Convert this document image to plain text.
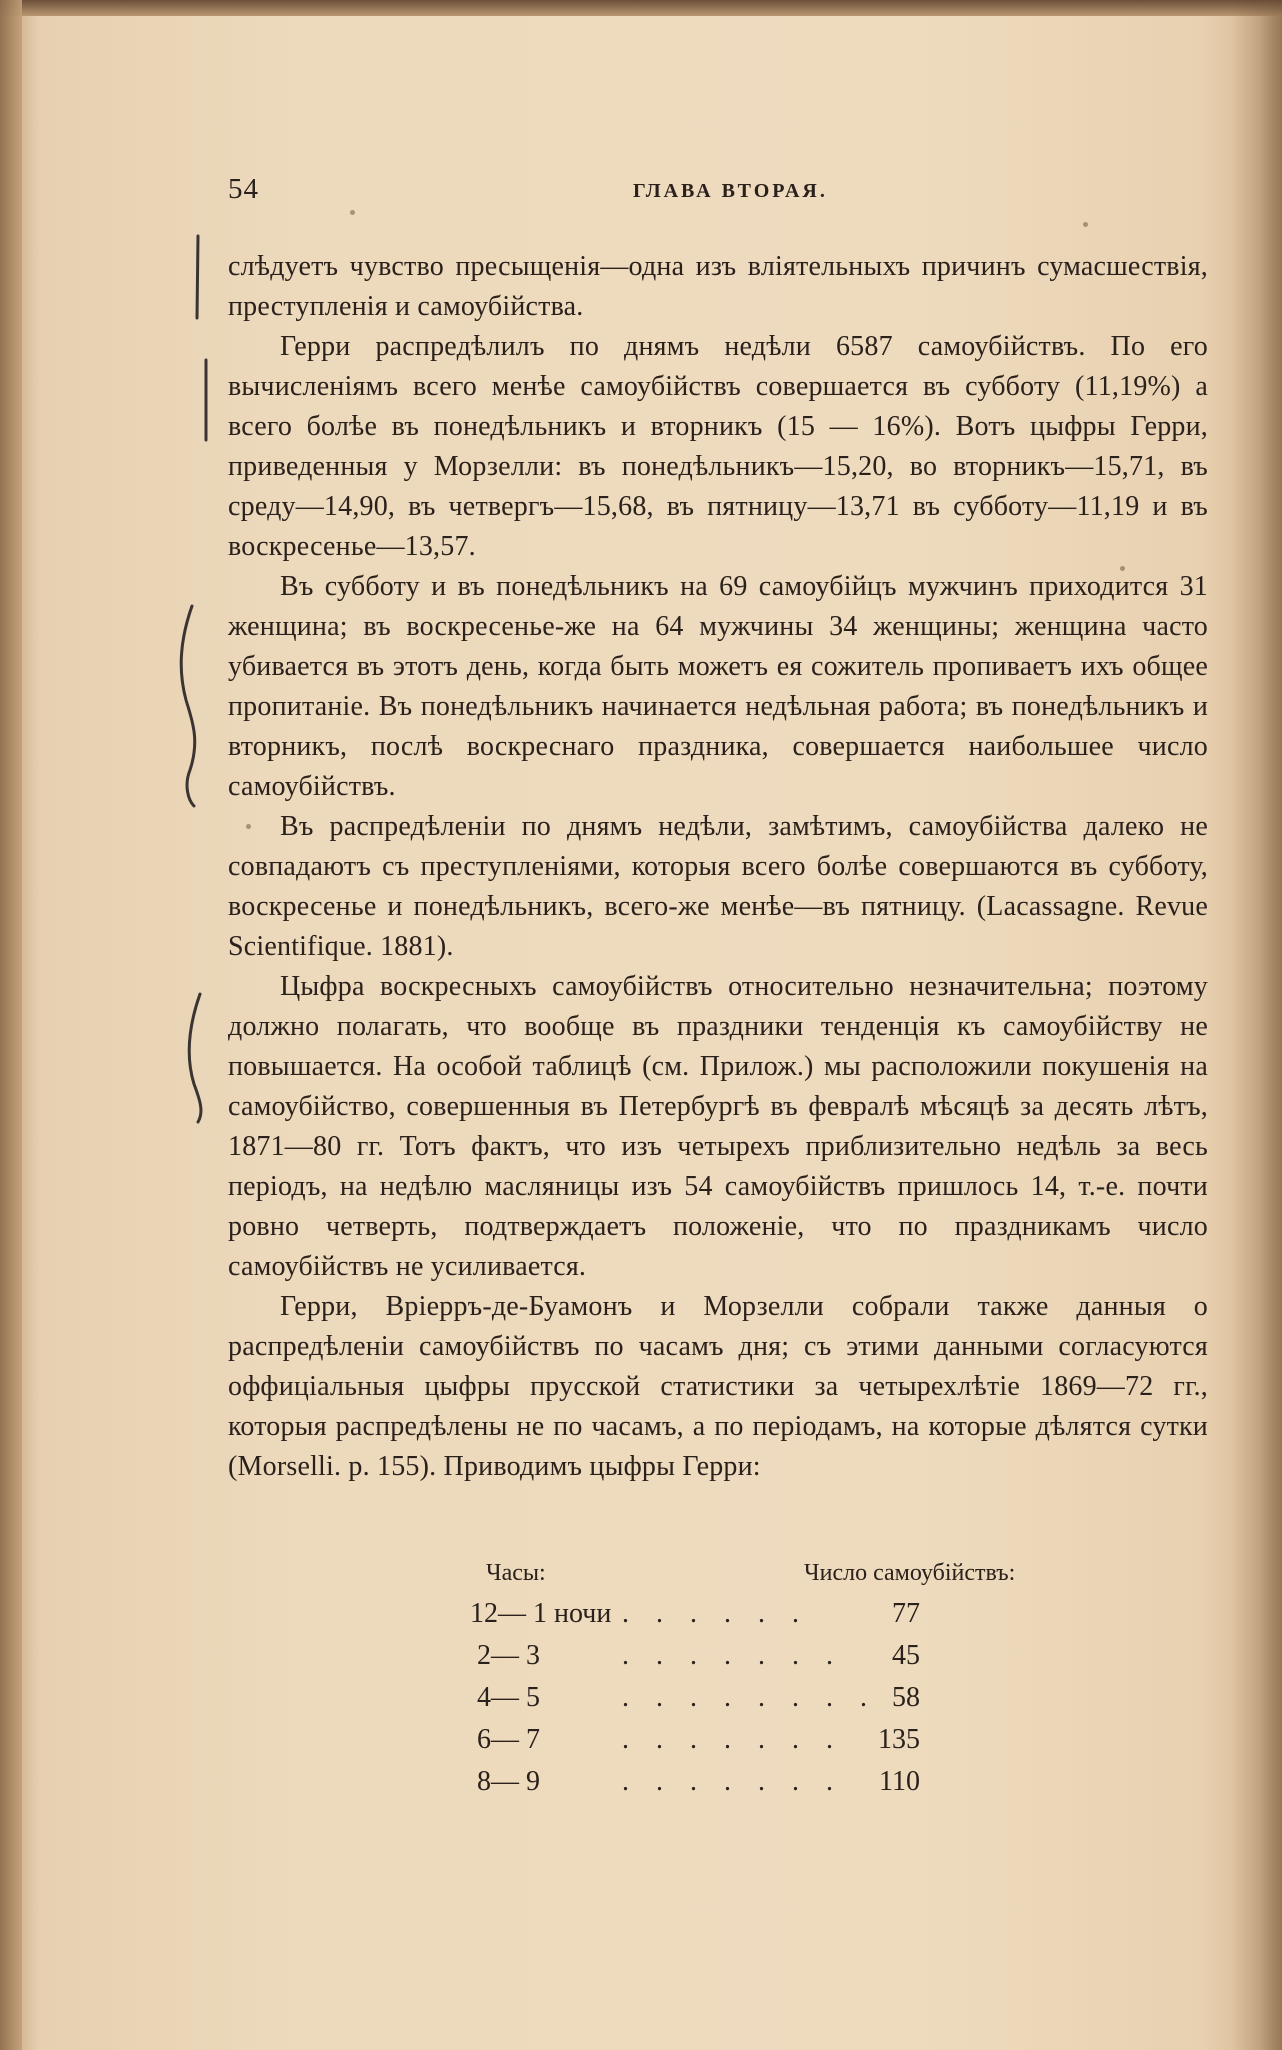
54	ГЛАВА ВТОРАЯ.

слѣдуетъ чувство пресыщенія—одна изъ вліятельныхъ причинъ сумасшествія, преступленія и самоубійства.

Герри распредѣлилъ по днямъ недѣли 6587 самоубійствъ. По его вычисленіямъ всего менѣе самоубійствъ совершается въ субботу (11,19%) а всего болѣе въ понедѣльникъ и вторникъ (15 — 16%). Вотъ цыфры Герри, приведенныя у Морзелли: въ понедѣльникъ—15,20, во вторникъ—15,71, въ среду—14,90, въ четвергъ—15,68, въ пятницу—13,71 въ субботу—11,19 и въ воскресенье—13,57.

Въ субботу и въ понедѣльникъ на 69 самоубійцъ мужчинъ приходится 31 женщина; въ воскресенье-же на 64 мужчины 34 женщины; женщина часто убивается въ этотъ день, когда быть можетъ ея сожитель пропиваетъ ихъ общее пропитаніе. Въ понедѣльникъ начинается недѣльная работа; въ понедѣльникъ и вторникъ, послѣ воскреснаго праздника, совершается наибольшее число самоубійствъ.

Въ распредѣленіи по днямъ недѣли, замѣтимъ, самоубійства далеко не совпадаютъ съ преступленіями, которыя всего болѣе совершаются въ субботу, воскресенье и понедѣльникъ, всего-же менѣе—въ пятницу. (Lacassagne. Revue Scientifique. 1881).

Цыфра воскресныхъ самоубійствъ относительно незначительна; поэтому должно полагать, что вообще въ праздники тенденція къ самоубійству не повышается. На особой таблицѣ (см. Прилож.) мы расположили покушенія на самоубійство, совершенныя въ Петербургѣ въ февралѣ мѣсяцѣ за десять лѣтъ, 1871—80 гг. Тотъ фактъ, что изъ четырехъ приблизительно недѣль за весь періодъ, на недѣлю масляницы изъ 54 самоубійствъ пришлось 14, т.-е. почти ровно четверть, подтверждаетъ положеніе, что по праздникамъ число самоубійствъ не усиливается.

Герри, Вріерръ-де-Буамонъ и Морзелли собрали также данныя о распредѣленіи самоубійствъ по часамъ дня; съ этими данными согласуются оффиціальныя цыфры прусской статистики за четырехлѣтіе 1869—72 гг., которыя распредѣлены не по часамъ, а по періодамъ, на которые дѣлятся сутки (Morselli. p. 155). Приводимъ цыфры Герри:

Часы:	Число самоубійствъ:
12— 1 ночи . . . . . .	77
2— 3	. . . . . . .	45
4— 5	. . . . . . . . 58
6— 7	. . . . . . .	135
8— 9	. . . . . . .	110
